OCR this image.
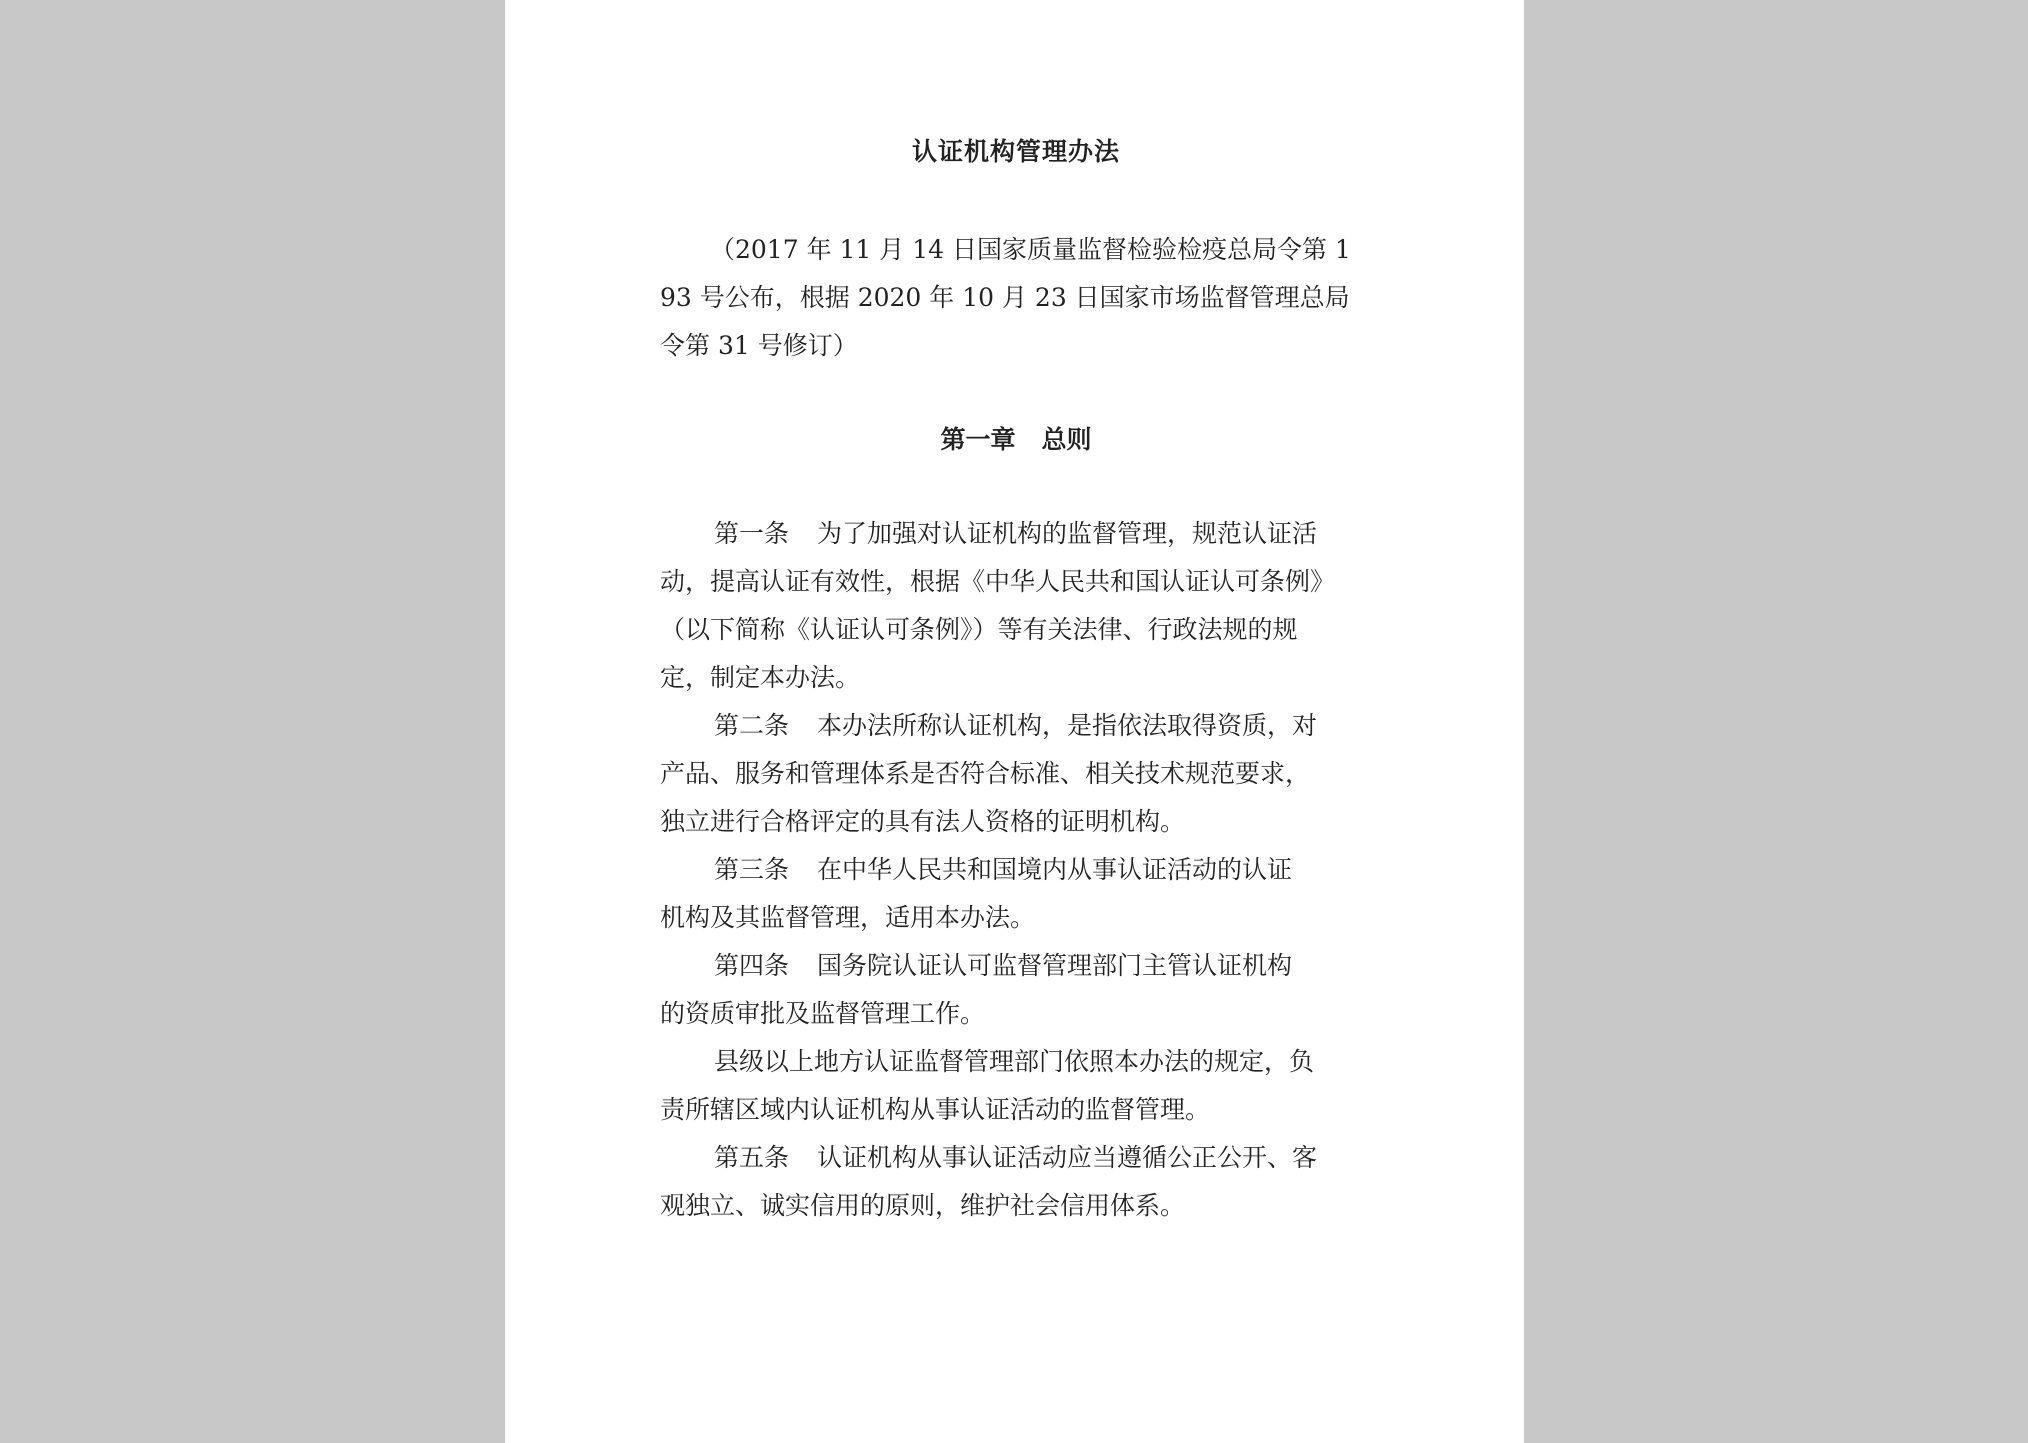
认证机构管理办法
（2017 年 11 月 14 日国家质量监督检验检疫总局令第 1
93 号公布，根据 2020 年 10 月 23 日国家市场监督管理总局
令第 31 号修订）
第一章 总则
第一条 为了加强对认证机构的监督管理，规范认证活
动，提高认证有效性，根据《中华人民共和国认证认可条例》
（以下简称《认证认可条例》）等有关法律、行政法规的规
定，制定本办法。
第二条 本办法所称认证机构，是指依法取得资质，对
产品、服务和管理体系是否符合标准、相关技术规范要求，
独立进行合格评定的具有法人资格的证明机构。
第三条 在中华人民共和国境内从事认证活动的认证
机构及其监督管理，适用本办法。
第四条 国务院认证认可监督管理部门主管认证机构
的资质审批及监督管理工作。
县级以上地方认证监督管理部门依照本办法的规定，负
责所辖区域内认证机构从事认证活动的监督管理。
第五条 认证机构从事认证活动应当遵循公正公开、客
观独立、诚实信用的原则，维护社会信用体系。
